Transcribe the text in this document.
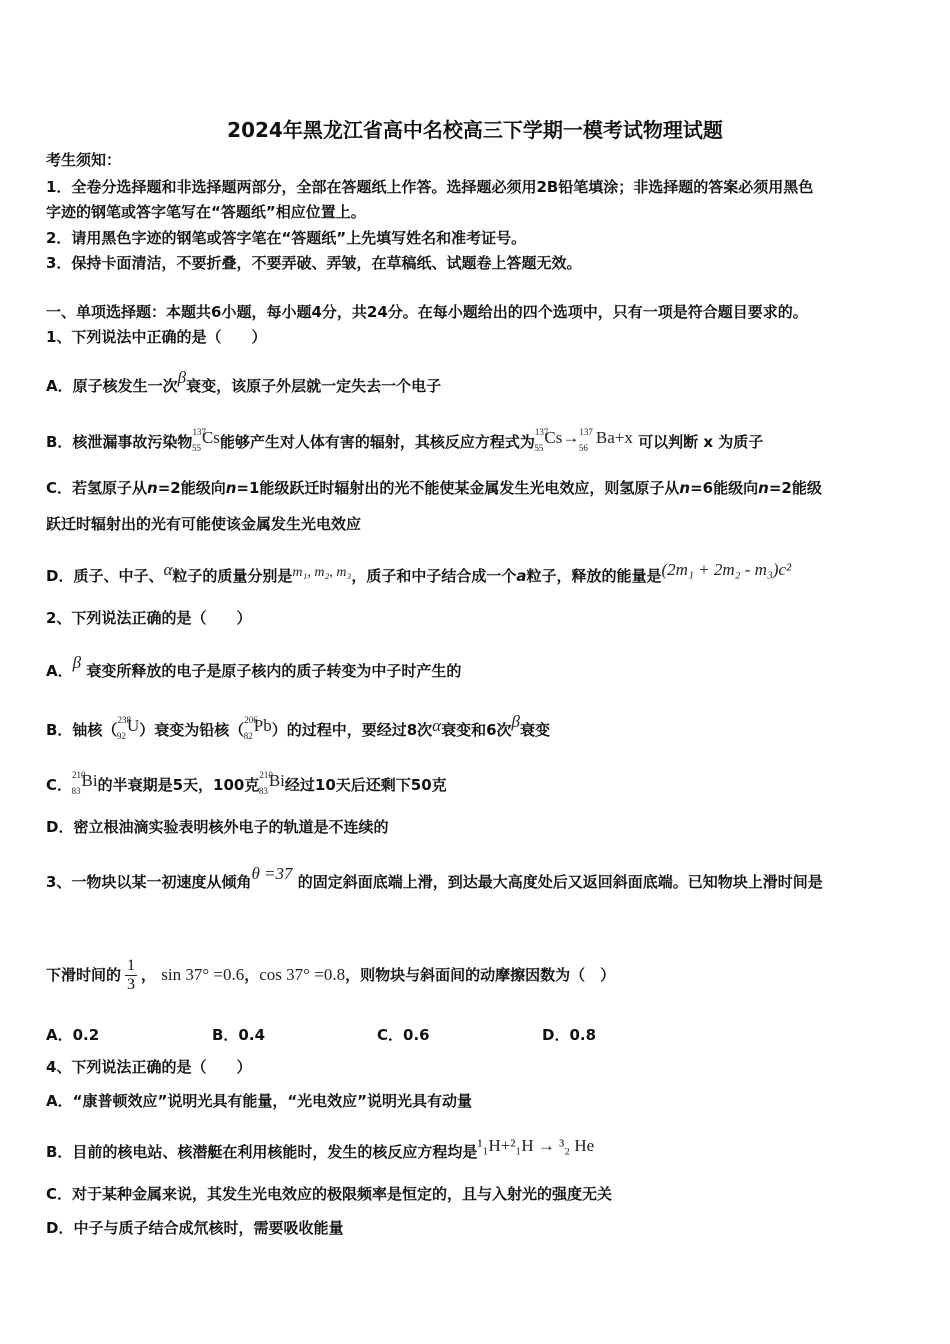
2024年黑龙江省高中名校高三下学期一模考试物理试题
考生须知：
1．全卷分选择题和非选择题两部分，全部在答题纸上作答。选择题必须用2B铅笔填涂；非选择题的答案必须用黑色
字迹的钢笔或答字笔写在“答题纸”相应位置上。
2．请用黑色字迹的钢笔或答字笔在“答题纸”上先填写姓名和准考证号。
3．保持卡面清洁，不要折叠，不要弄破、弄皱，在草稿纸、试题卷上答题无效。
一、单项选择题：本题共6小题，每小题4分，共24分。在每小题给出的四个选项中，只有一项是符合题目要求的。
1、下列说法中正确的是（　　）
A．原子核发生一次β衰变，该原子外层就一定失去一个电子
B．核泄漏事故污染物$^{137}_{55}$Cs能够产生对人体有害的辐射，其核反应方程式为$^{137}_{55}$Cs→$^{137}_{56}$Ba+x 可以判断 x 为质子
C．若氢原子从n=2能级向n=1能级跃迁时辐射出的光不能使某金属发生光电效应，则氢原子从n=6能级向n=2能级
跃迁时辐射出的光有可能使该金属发生光电效应
D．质子、中子、α粒子的质量分别是m₁, m₂, m₃，质子和中子结合成一个a粒子，释放的能量是(2m₁ + 2m₂ - m₃)c²
2、下列说法正确的是（　　）
A．β 衰变所释放的电子是原子核内的质子转变为中子时产生的
B．铀核（$^{238}_{92}$U）衰变为铅核（$^{206}_{82}$Pb）的过程中，要经过8次α衰变和6次β衰变
C．$^{210}_{83}$Bi的半衰期是5天，100克$^{210}_{83}$Bi经过10天后还剩下50克
D．密立根油滴实验表明核外电子的轨道是不连续的
3、一物块以某一初速度从倾角θ =37 的固定斜面底端上滑，到达最大高度处后又返回斜面底端。已知物块上滑时间是
下滑时间的 $\frac{1}{3}$ ， sin 37° =0.6，cos 37° =0.8，则物块与斜面间的动摩擦因数为（　）
A．0.2	B．0.4	C．0.6	D．0.8
4、下列说法正确的是（　　）
A．“康普顿效应”说明光具有能量，“光电效应”说明光具有动量
B．目前的核电站、核潜艇在利用核能时，发生的核反应方程均是¹₁H+²₁H → ³₂ He
C．对于某种金属来说，其发生光电效应的极限频率是恒定的，且与入射光的强度无关
D．中子与质子结合成氘核时，需要吸收能量
